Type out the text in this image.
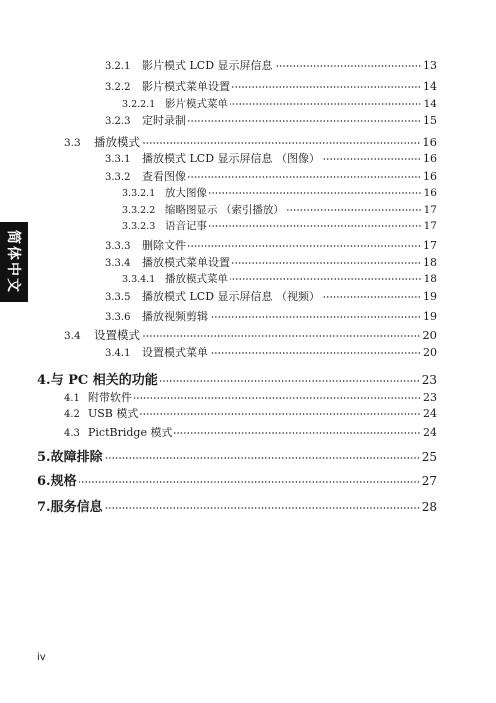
简体中文
3.2.1	影片模式 LCD 显示屏信息	13
3.2.2	影片模式菜单设置	14
3.2.2.1 影片模式菜单	14
3.2.3	定时录制	15
3.3	播放模式	16
3.3.1	播放模式 LCD 显示屏信息 （图像）	16
3.3.2	查看图像	16
3.3.2.1 放大图像	16
3.3.2.2 缩略图显示 （索引播放）	17
3.3.2.3 语音记事	17
3.3.3	删除文件	17
3.3.4	播放模式菜单设置	18
3.3.4.1 播放模式菜单	18
3.3.5	播放模式 LCD 显示屏信息 （视频）	19
3.3.6	播放视频剪辑	19
3.4	设置模式	20
3.4.1	设置模式菜单	20
4. 与 PC 相关的功能	23
4.1 附带软件	23
4.2 USB 模式	24
4.3 PictBridge 模式	24
5. 故障排除	25
6. 规格	27
7. 服务信息	28
iv
